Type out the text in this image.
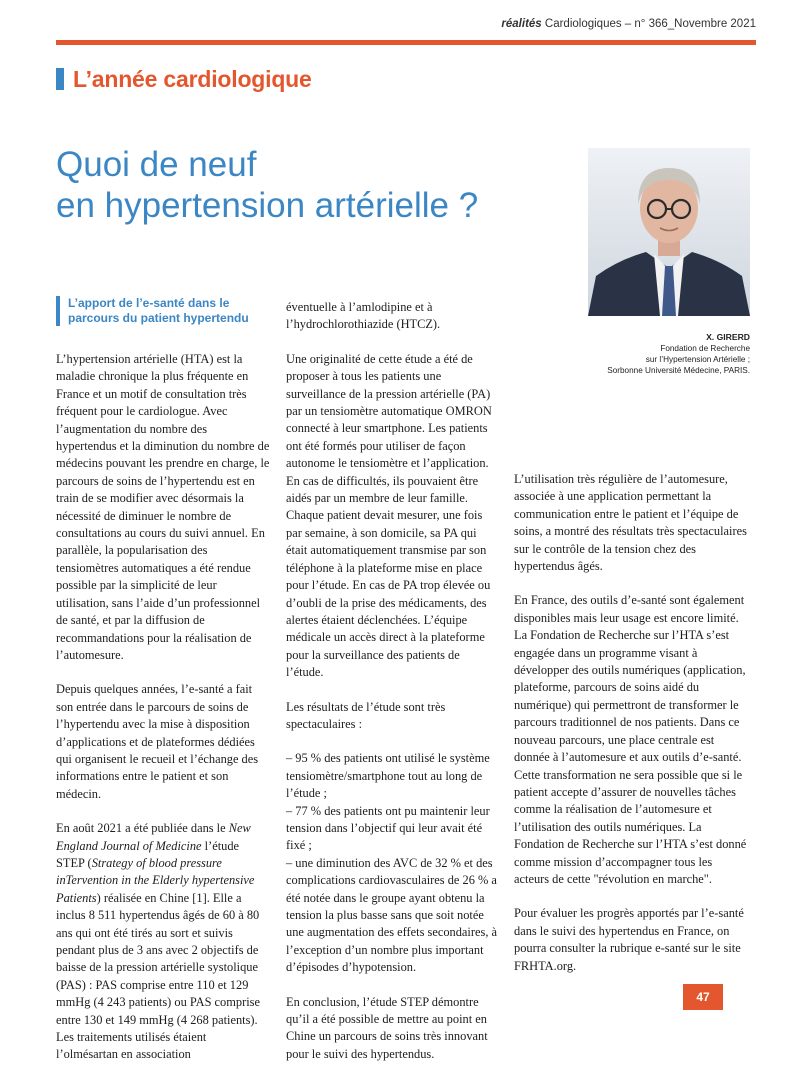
réalités Cardiologiques – n° 366_Novembre 2021
L’année cardiologique
Quoi de neuf
en hypertension artérielle ?
X. GIRERD
Fondation de Recherche
sur l’Hypertension Artérielle ;
Sorbonne Université Médecine, PARIS.
L’apport de l’e-santé dans le
parcours du patient hypertendu

L’hypertension artérielle (HTA) est la maladie chronique la plus fréquente en France et un motif de consultation très fréquent pour le cardiologue. Avec l’augmentation du nombre des hypertendus et la diminution du nombre de médecins pouvant les prendre en charge, le parcours de soins de l’hypertendu est en train de se modifier avec désormais la nécessité de diminuer le nombre de consultations au cours du suivi annuel. En parallèle, la popularisation des tensiomètres automatiques a été rendue possible par la simplicité de leur utilisation, sans l’aide d’un professionnel de santé, et par la diffusion de recommandations pour la réalisation de l’automesure.

Depuis quelques années, l’e-santé a fait son entrée dans le parcours de soins de l’hypertendu avec la mise à disposition d’applications et de plateformes dédiées qui organisent le recueil et l’échange des informations entre le patient et son médecin.

En août 2021 a été publiée dans le New England Journal of Medicine l’étude STEP (Strategy of blood pressure inTervention in the Elderly hypertensive Patients) réalisée en Chine [1]. Elle a inclus 8 511 hypertendus âgés de 60 à 80 ans qui ont été tirés au sort et suivis pendant plus de 3 ans avec 2 objectifs de baisse de la pression artérielle systolique (PAS) : PAS comprise entre 110 et 129 mmHg (4 243 patients) ou PAS comprise entre 130 et 149 mmHg (4 268 patients). Les traitements utilisés étaient l’olmésartan en association

éventuelle à l’amlodipine et à l’hydrochlorothiazide (HTCZ).

Une originalité de cette étude a été de proposer à tous les patients une surveillance de la pression artérielle (PA) par un tensiomètre automatique OMRON connecté à leur smartphone. Les patients ont été formés pour utiliser de façon autonome le tensiomètre et l’application. En cas de difficultés, ils pouvaient être aidés par un membre de leur famille. Chaque patient devait mesurer, une fois par semaine, à son domicile, sa PA qui était automatiquement transmise par son téléphone à la plateforme mise en place pour l’étude. En cas de PA trop élevée ou d’oubli de la prise des médicaments, des alertes étaient déclenchées. L’équipe médicale un accès direct à la plateforme pour la surveillance des patients de l’étude.

Les résultats de l’étude sont très spectaculaires :

– 95 % des patients ont utilisé le système tensiomètre/smartphone tout au long de l’étude ;

– 77 % des patients ont pu maintenir leur tension dans l’objectif qui leur avait été fixé ;

– une diminution des AVC de 32 % et des complications cardiovasculaires de 26 % a été notée dans le groupe ayant obtenu la tension la plus basse sans que soit notée une augmentation des effets secondaires, à l’exception d’un nombre plus important d’épisodes d’hypotension.

En conclusion, l’étude STEP démontre qu’il a été possible de mettre au point en Chine un parcours de soins très innovant pour le suivi des hypertendus.

L’utilisation très régulière de l’automesure, associée à une application permettant la communication entre le patient et l’équipe de soins, a montré des résultats très spectaculaires sur le contrôle de la tension chez des hypertendus âgés.

En France, des outils d’e-santé sont également disponibles mais leur usage est encore limité. La Fondation de Recherche sur l’HTA s’est engagée dans un programme visant à développer des outils numériques (application, plateforme, parcours de soins aidé du numérique) qui permettront de transformer le parcours traditionnel de nos patients. Dans ce nouveau parcours, une place centrale est donnée à l’automesure et aux outils d’e-santé. Cette transformation ne sera possible que si le patient accepte d’assurer de nouvelles tâches comme la réalisation de l’automesure et l’utilisation des outils numériques. La Fondation de Recherche sur l’HTA s’est donné comme mission d’accompagner tous les acteurs de cette "révolution en marche".

Pour évaluer les progrès apportés par l’e-santé dans le suivi des hypertendus en France, on pourra consulter la rubrique e-santé sur le site FRHTA.org.

47
